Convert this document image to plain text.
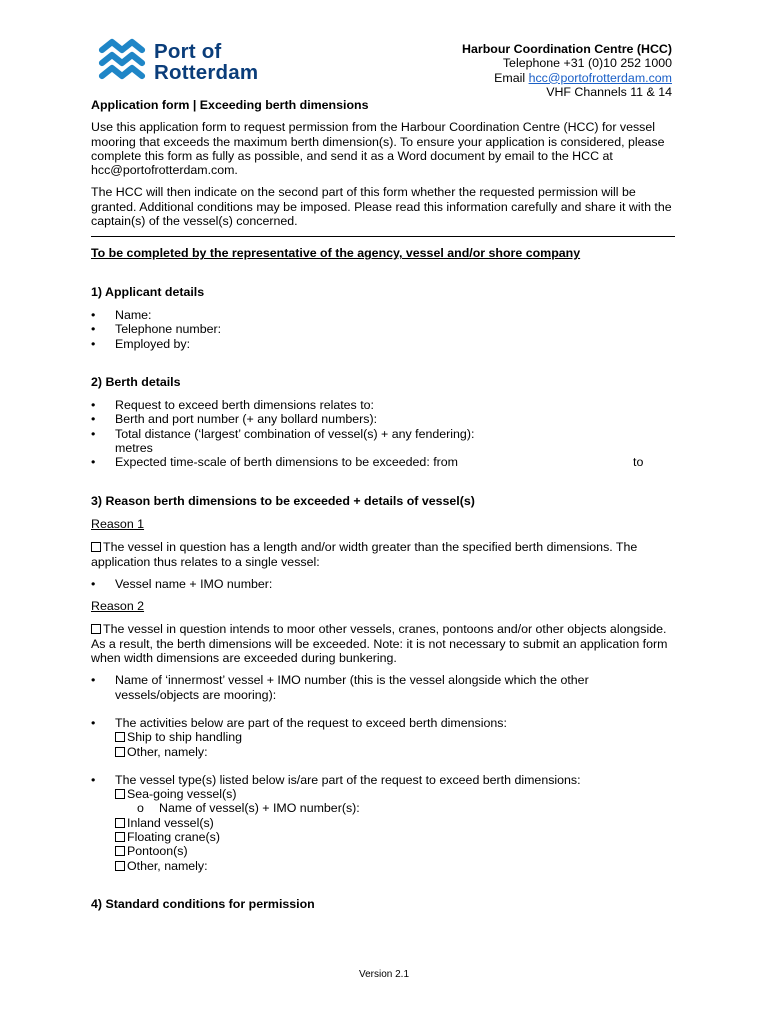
Port of
Rotterdam
Harbour Coordination Centre (HCC)
Telephone +31 (0)10 252 1000
Email hcc@portofrotterdam.com
VHF Channels 11 & 14

Application form | Exceeding berth dimensions

Use this application form to request permission from the Harbour Coordination Centre (HCC) for vessel mooring that exceeds the maximum berth dimension(s). To ensure your application is considered, please complete this form as fully as possible, and send it as a Word document by email to the HCC at hcc@portofrotterdam.com.

The HCC will then indicate on the second part of this form whether the requested permission will be granted. Additional conditions may be imposed. Please read this information carefully and share it with the captain(s) of the vessel(s) concerned.

To be completed by the representative of the agency, vessel and/or shore company

1) Applicant details

• Name:
• Telephone number:
• Employed by:

2) Berth details

• Request to exceed berth dimensions relates to:
• Berth and port number (+ any bollard numbers):
• Total distance (‘largest’ combination of vessel(s) + any fendering):
metres
• Expected time-scale of berth dimensions to be exceeded: from	to

3) Reason berth dimensions to be exceeded + details of vessel(s)

Reason 1

The vessel in question has a length and/or width greater than the specified berth dimensions. The application thus relates to a single vessel:

• Vessel name + IMO number:

Reason 2

The vessel in question intends to moor other vessels, cranes, pontoons and/or other objects alongside. As a result, the berth dimensions will be exceeded. Note: it is not necessary to submit an application form when width dimensions are exceeded during bunkering.

• Name of ‘innermost’ vessel + IMO number (this is the vessel alongside which the other vessels/objects are mooring):
• The activities below are part of the request to exceed berth dimensions:
Ship to ship handling
Other, namely:
• The vessel type(s) listed below is/are part of the request to exceed berth dimensions:
Sea-going vessel(s)
o Name of vessel(s) + IMO number(s):
Inland vessel(s)
Floating crane(s)
Pontoon(s)
Other, namely:

4) Standard conditions for permission

Version 2.1
